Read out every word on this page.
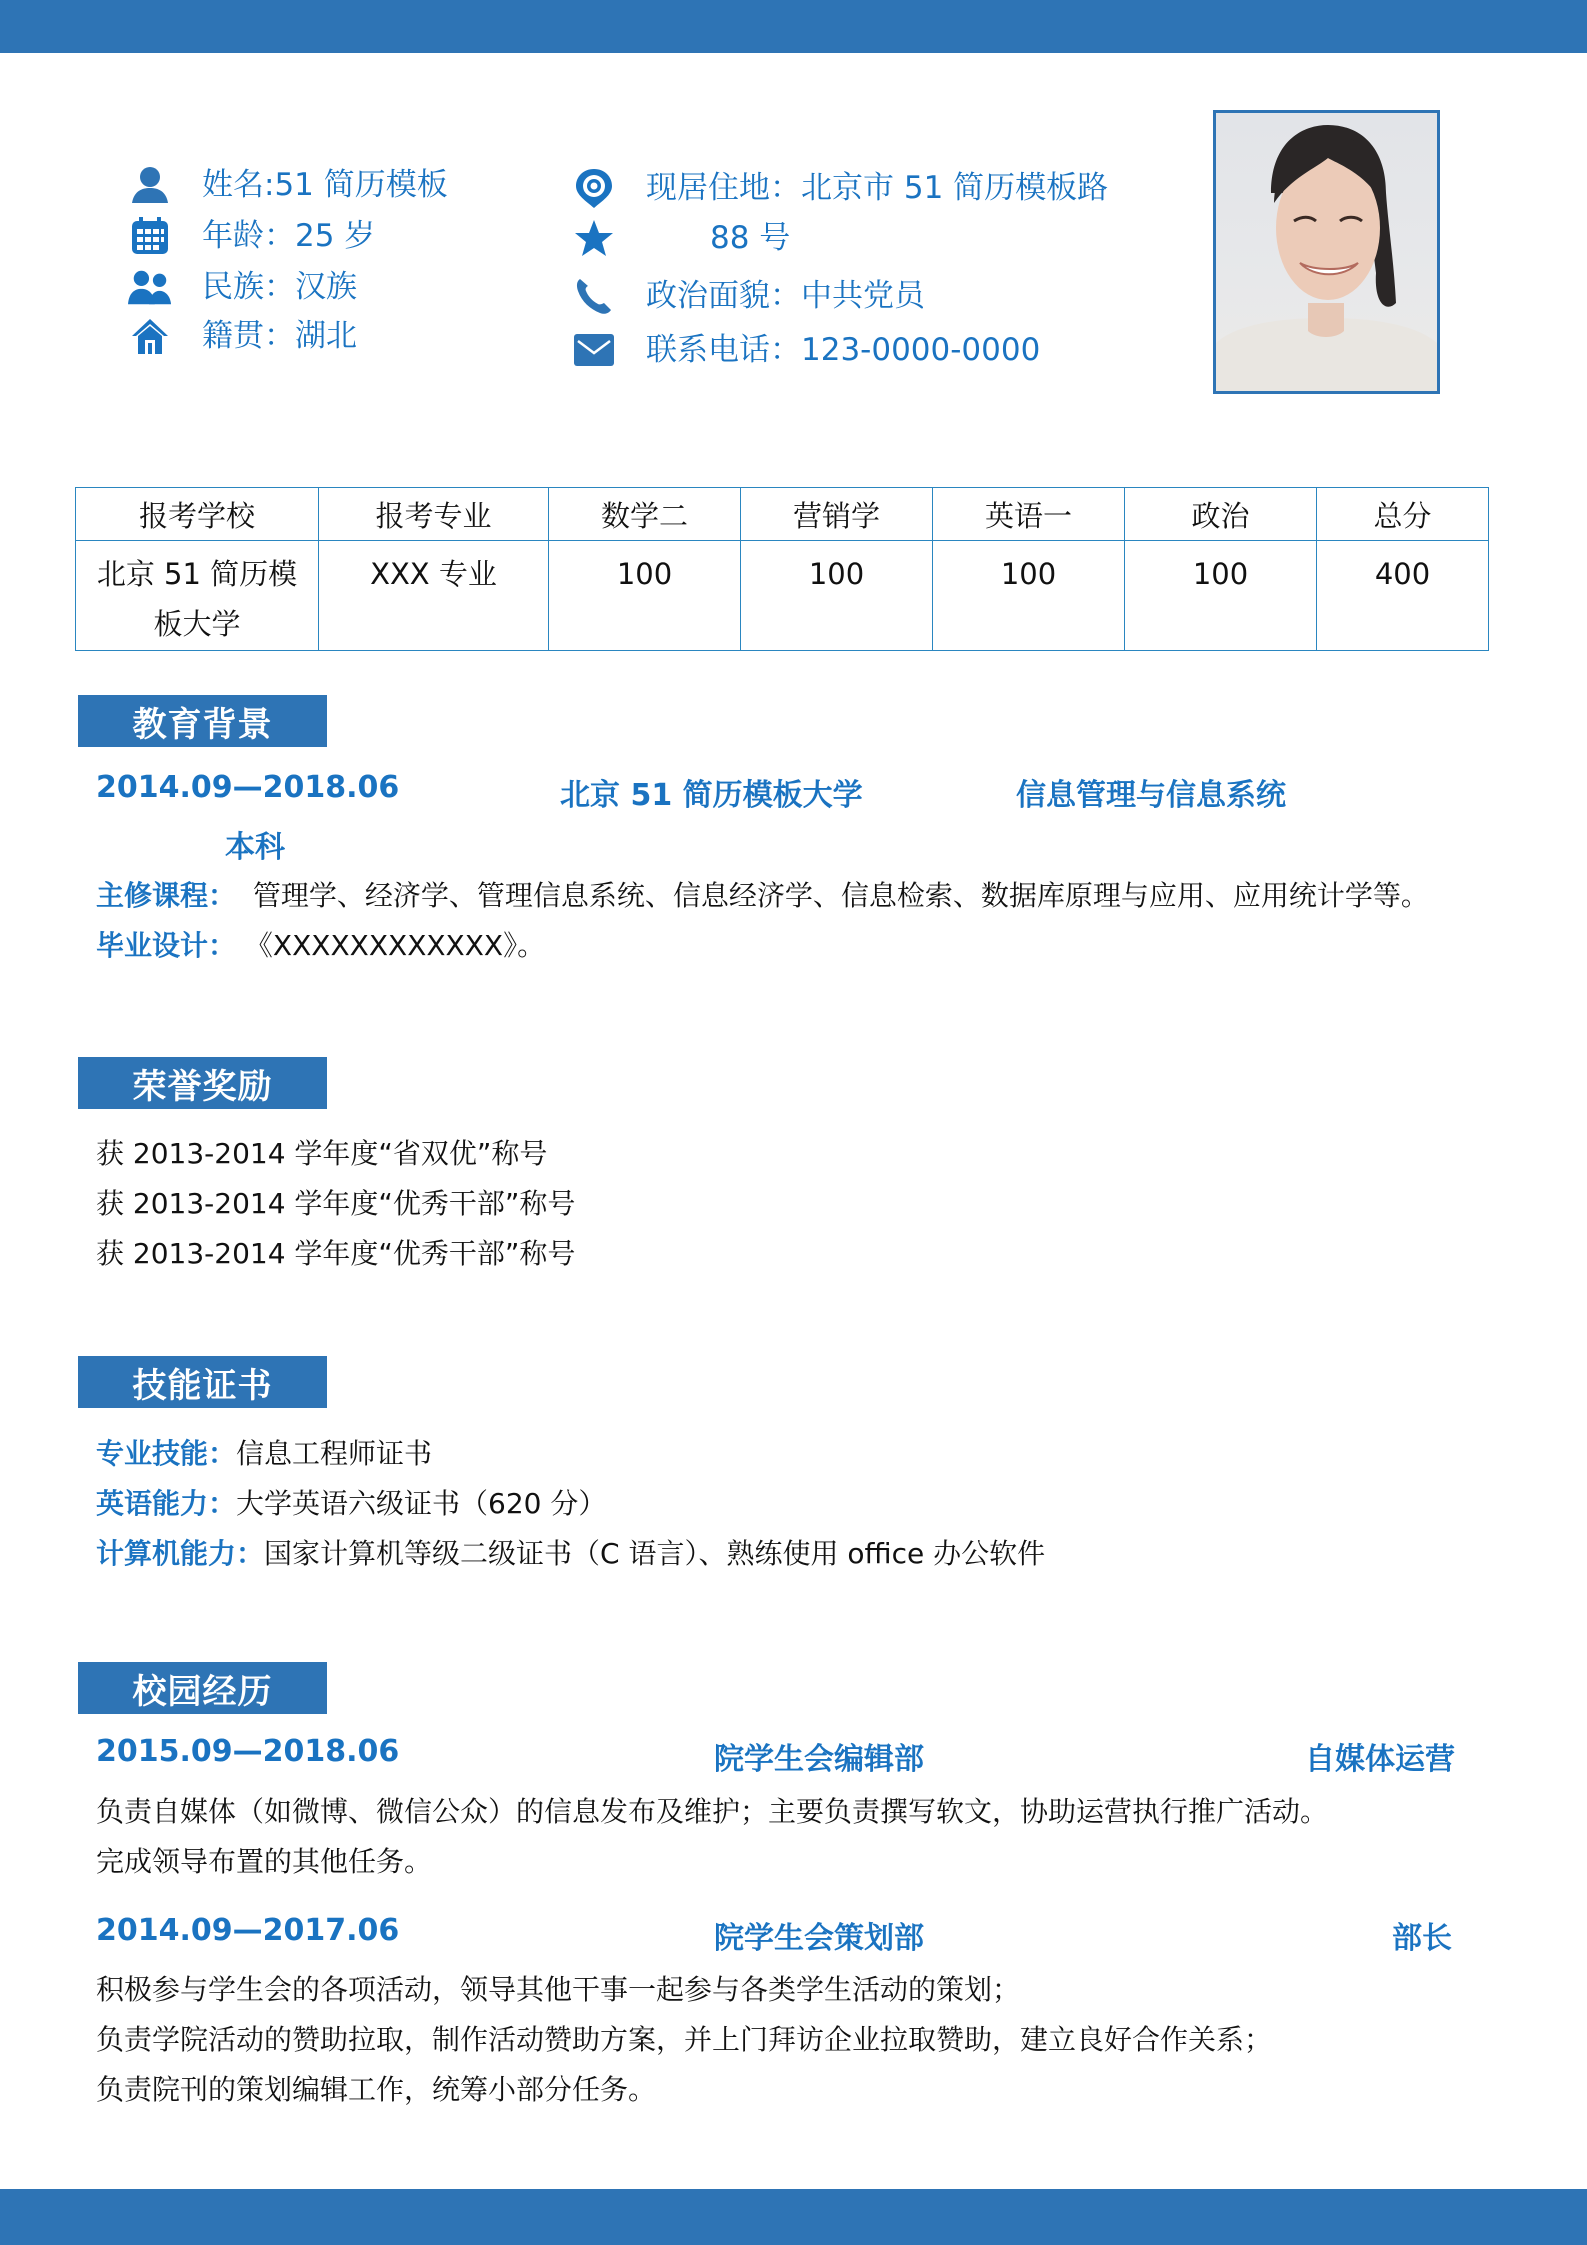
姓名:51 简历模板
年龄：25 岁
民族：汉族
籍贯：湖北
现居住地：北京市 51 简历模板路
88 号
政治面貌：中共党员
联系电话：123-0000-0000
报考学校	报考专业	数学二	营销学	英语一	政治	总分
北京 51 简历模板大学	XXX 专业	100	100	100	100	400
教育背景
2014.09—2018.06	北京 51 简历模板大学	信息管理与信息系统
本科
主修课程： 管理学、经济学、管理信息系统、信息经济学、信息检索、数据库原理与应用、应用统计学等。
毕业设计： 《XXXXXXXXXXXX》。
荣誉奖励
获 2013-2014 学年度“省双优”称号
获 2013-2014 学年度“优秀干部”称号
获 2013-2014 学年度“优秀干部”称号
技能证书
专业技能：信息工程师证书
英语能力：大学英语六级证书（620 分）
计算机能力：国家计算机等级二级证书（C 语言）、熟练使用 office 办公软件
校园经历
2015.09—2018.06	院学生会编辑部	自媒体运营
负责自媒体（如微博、微信公众）的信息发布及维护；主要负责撰写软文，协助运营执行推广活动。
完成领导布置的其他任务。
2014.09—2017.06	院学生会策划部	部长
积极参与学生会的各项活动，领导其他干事一起参与各类学生活动的策划；
负责学院活动的赞助拉取，制作活动赞助方案，并上门拜访企业拉取赞助，建立良好合作关系；
负责院刊的策划编辑工作，统筹小部分任务。
